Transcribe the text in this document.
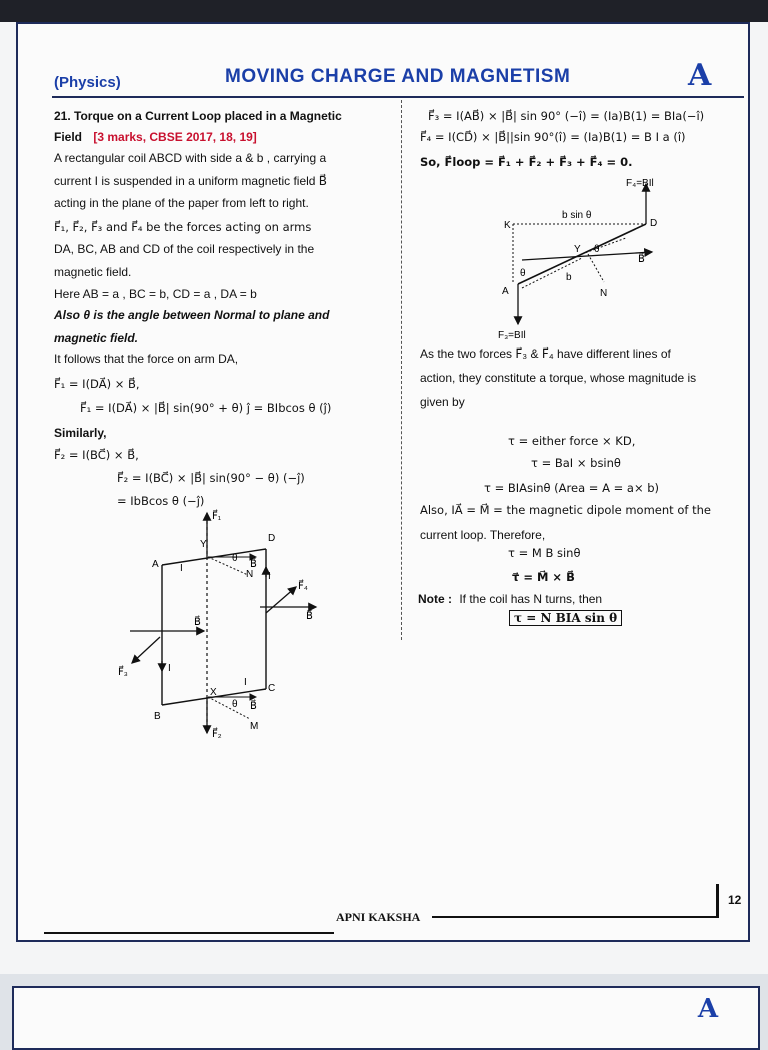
A
(Physics)	MOVING CHARGE AND MAGNETISM	A
21. Torque on a Current Loop placed in a Magnetic
Field [3 marks, CBSE 2017, 18, 19]
A rectangular coil ABCD with side a & b , carrying a
current I is suspended in a uniform magnetic field B⃗
acting in the plane of the paper from left to right.
F⃗₁, F⃗₂, F⃗₃ and F⃗₄ be the forces acting on arms
DA, BC, AB and CD of the coil respectively in the
magnetic field.
Here AB = a , BC = b, CD = a , DA = b
Also θ is the angle between Normal to plane and
magnetic field.
It follows that the force on arm DA,
F⃗₁ = I(DA⃗) × B⃗,
F⃗₁ = I(DA⃗) × |B⃗| sin(90° + θ) ĵ = BIbcos θ (ĵ)
Similarly,
F⃗₂ = I(BC⃗) × B⃗,
F⃗₂ = I(BC⃗) × |B⃗| sin(90° − θ) (−ĵ)
= IbBcos θ (−ĵ)
F⃗₁
F⃗₂
F⃗₃
F⃗₄
A
B
C
D
Y
X
N
M
θ
θ
I
I
I
I
B⃗
B⃗
B⃗
B⃗
F⃗₃ = I(AB⃗) × |B⃗| sin 90° (−î) = (Ia)B(1) = BIa(−î)
F⃗₄ = I(CD⃗) × |B⃗||sin 90°(î) = (Ia)B(1) = B I a (î)
So, F⃗loop = F⃗₁ + F⃗₂ + F⃗₃ + F⃗₄ = 0.
F₄=BIl
F₃=BIl
b sin θ
K	D
A
Y
N
b
θ
θ
B⃗
As the two forces F⃗₃ & F⃗₄ have different lines of
action, they constitute a torque, whose magnitude is
given by
τ = either force × KD,
τ = BaI × bsinθ
τ = BIAsinθ (Area = A = a× b)
Also, IA⃗ = M⃗ = the magnetic dipole moment of the
current loop. Therefore,
τ = M B sinθ
τ⃗ = M⃗ × B⃗
Note : If the coil has N turns, then
τ = N BIA sin θ
APNI KAKSHA
12
